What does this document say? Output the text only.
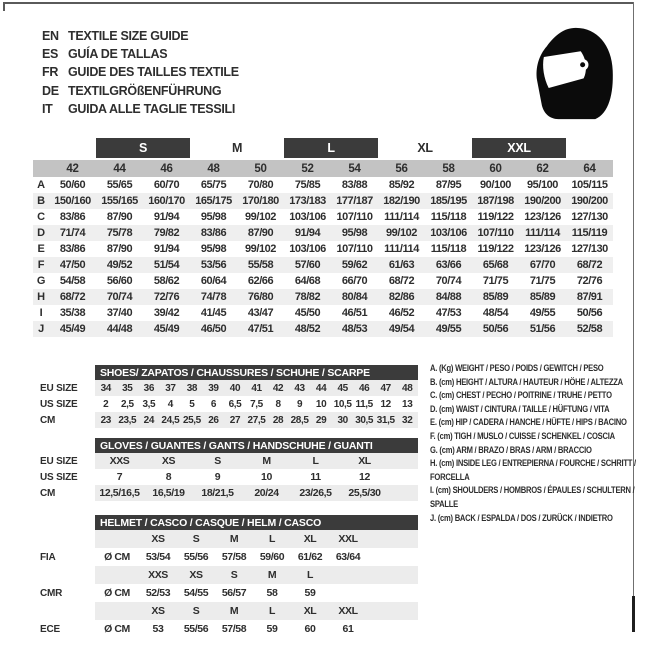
EN TEXTILE SIZE GUIDE
ES GUÍA DE TALLAS
FR GUIDE DES TAILLES TEXTILE
DE TEXTILGRÖßENFÜHRUNG
IT	GUIDA ALLE TAGLIE TESSILI
S	M	L	XL	XXL
42	44	46	48	50	52	54	56	58	60	62	64
A	50/60	55/65	60/70	65/75	70/80	75/85	83/88	85/92	87/95	90/100	95/100	105/115
B 150/160 155/165 160/170 165/175 170/180 173/183 177/187 182/190 185/195 187/198 190/200 190/200
C	83/86	87/90	91/94	95/98	99/102	103/106 107/110	111/114	115/118	119/122 123/126 127/130
D	71/74	75/78	79/82	83/86	87/90	91/94	95/98	99/102	103/106 107/110	111/114	115/119
E	83/86	87/90	91/94	95/98	99/102	103/106 107/110	111/114	115/118	119/122 123/126 127/130
F	47/50	49/52	51/54	53/56	55/58	57/60	59/62	61/63	63/66	65/68	67/70	68/72
G	54/58	56/60	58/62	60/64	62/66	64/68	66/70	68/72	70/74	71/75	71/75	72/76
H	68/72	70/74	72/76	74/78	76/80	78/82	80/84	82/86	84/88	85/89	85/89	87/91
I	35/38	37/40	39/42	41/45	43/47	45/50	46/51	46/52	47/53	48/54	49/55	50/56
J	45/49	44/48	45/49	46/50	47/51	48/52	48/53	49/54	49/55	50/56	51/56	52/58
SHOES/ ZAPATOS / CHAUSSURES / SCHUHE / SCARPE
EU SIZE	34	35	36	37	38	39	40	41	42	43	44	45	46	47	48
US SIZE	2	2,5 3,5	4	5	6	6,5 7,5	8	9	10 10,5 11,5 12	13
CM	23 23,5 24 24,5 25,5 26	27 27,5 28 28,5 29	30 30,5 31,5 32
GLOVES / GUANTES / GANTS / HANDSCHUHE / GUANTI
EU SIZE	XXS	XS	S	M	L	XL
US SIZE	7	8	9	10	11	12
CM	12,5/16,5	16,5/19	18/21,5	20/24	23/26,5	25,5/30
HELMET / CASCO / CASQUE / HELM / CASCO
XS	S	M	L	XL	XXL
FIA	Ø CM	53/54	55/56	57/58	59/60	61/62	63/64
XXS	XS	S	M	L
CMR	Ø CM	52/53	54/55	56/57	58	59
XS	S	M	L	XL	XXL
ECE	Ø CM	53	55/56	57/58	59	60	61
A. (Kg) WEIGHT / PESO / POIDS / GEWITCH / PESO
B. (cm) HEIGHT / ALTURA / HAUTEUR / HÖHE / ALTEZZA
C. (cm) CHEST / PECHO / POITRINE / TRUHE / PETTO
D. (cm) WAIST / CINTURA / TAILLE / HÜFTUNG / VITA
E. (cm) HIP / CADERA / HANCHE / HÜFTE / HIPS / BACINO
F. (cm) TIGH / MUSLO / CUISSE / SCHENKEL / COSCIA
G. (cm) ARM / BRAZO / BRAS / ARM / BRACCIO
H. (cm) INSIDE LEG / ENTREPIERNA / FOURCHE / SCHRITT / FORCELLA
I. (cm) SHOULDERS / HOMBROS / ÉPAULES / SCHULTERN / SPALLE
J. (cm) BACK / ESPALDA / DOS / ZURÜCK / INDIETRO
